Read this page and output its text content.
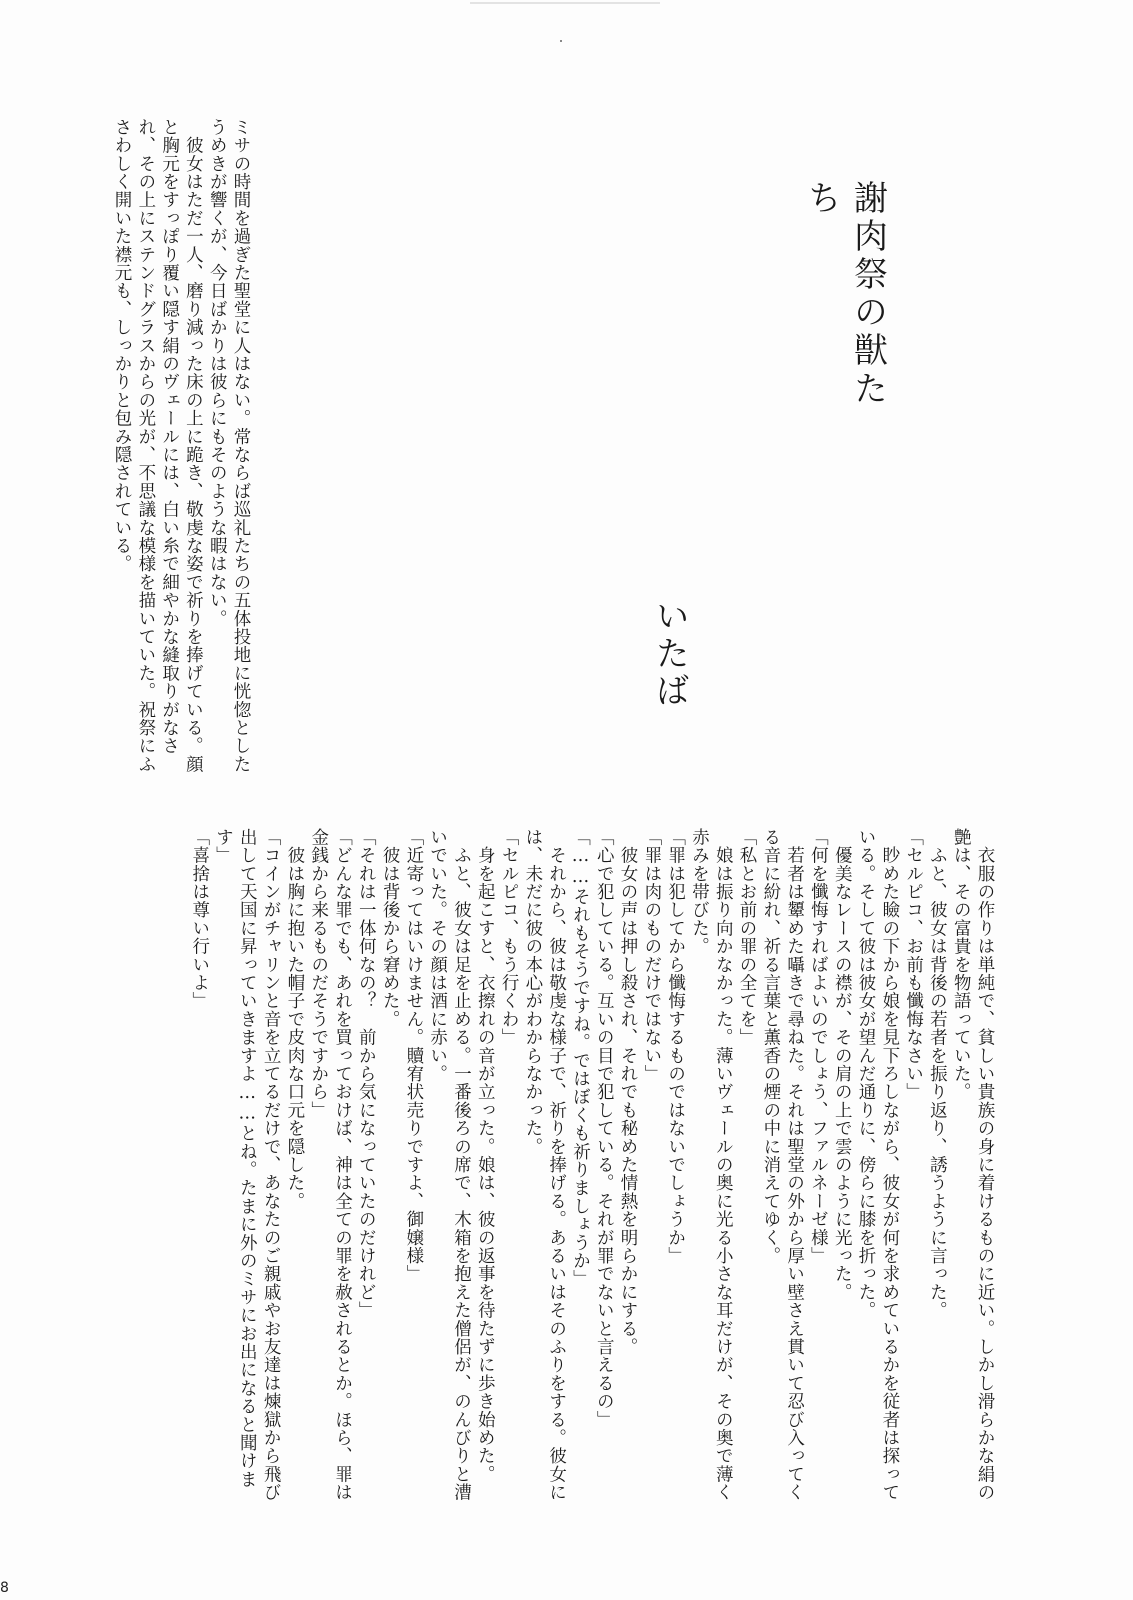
謝肉祭の獣たち
いたば
ミサの時間を過ぎた聖堂に人はない。常ならば巡礼たちの五体投地に恍惚としたうめきが響くが、今日ばかりは彼らにもそのような暇はない。
　彼女はただ一人、磨り減った床の上に跪き、敬虔な姿で祈りを捧げている。顔と胸元をすっぽり覆い隠す絹のヴェールには、白い糸で細やかな縫取りがなされ、その上にステンドグラスからの光が、不思議な模様を描いていた。祝祭にふさわしく開いた襟元も、しっかりと包み隠されている。
　衣服の作りは単純で、貧しい貴族の身に着けるものに近い。しかし滑らかな絹の艶は、その富貴を物語っていた。
　ふと、彼女は背後の若者を振り返り、誘うように言った。
「セルピコ、お前も懺悔なさい」
　眇めた瞼の下から娘を見下ろしながら、彼女が何を求めているかを従者は探っている。そして彼は彼女が望んだ通りに、傍らに膝を折った。
　優美なレースの襟が、その肩の上で雲のように光った。
「何を懺悔すればよいのでしょう、ファルネーゼ様」
　若者は顰めた囁きで尋ねた。それは聖堂の外から厚い壁さえ貫いて忍び入ってくる音に紛れ、祈る言葉と薫香の煙の中に消えてゆく。
「私とお前の罪の全てを」
　娘は振り向かなかった。薄いヴェールの奥に光る小さな耳だけが、その奥で薄く赤みを帯びた。
「罪は犯してから懺悔するものではないでしょうか」
「罪は肉のものだけではない」
　彼女の声は押し殺され、それでも秘めた情熱を明らかにする。
「心で犯している。互いの目で犯している。それが罪でないと言えるの」
「……それもそうですね。ではぼくも祈りましょうか」
　それから、彼は敬虔な様子で、祈りを捧げる。あるいはそのふりをする。彼女には、未だに彼の本心がわからなかった。
「セルピコ、もう行くわ」
　身を起こすと、衣擦れの音が立った。娘は、彼の返事を待たずに歩き始めた。
　ふと、彼女は足を止める。一番後ろの席で、木箱を抱えた僧侶が、のんびりと漕いでいた。その顔は酒に赤い。
「近寄ってはいけません。贖宥状売りですよ、御嬢様」
　彼は背後から窘めた。
「それは一体何なの？　前から気になっていたのだけれど」
「どんな罪でも、あれを買っておけば、神は全ての罪を赦されるとか。ほら、罪は金銭から来るものだそうですから」
　彼は胸に抱いた帽子で皮肉な口元を隠した。
「コインがチャリンと音を立てるだけで、あなたのご親戚やお友達は煉獄から飛び出して天国に昇っていきますよ……とね。たまに外のミサにお出になると聞けます」
「喜捨は尊い行いよ」
8
